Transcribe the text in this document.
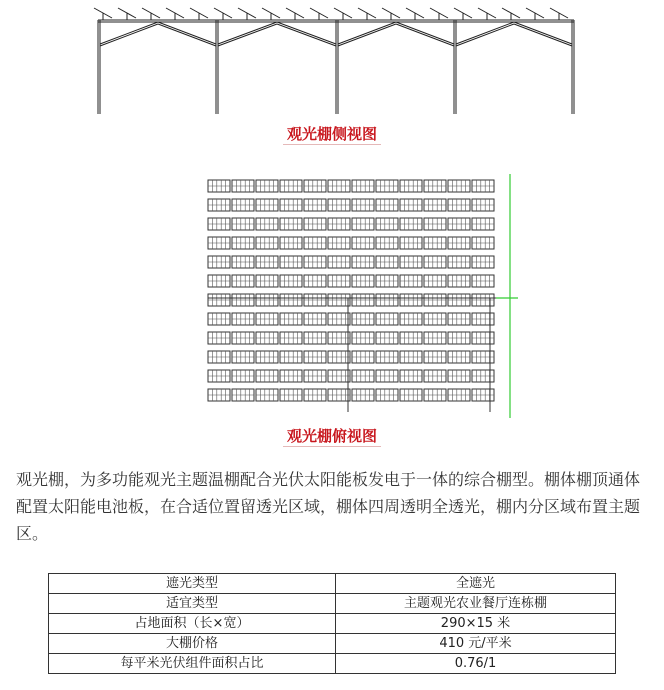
观光棚侧视图
观光棚俯视图
观光棚，为多功能观光主题温棚配合光伏太阳能板发电于一体的综合棚型。棚体棚顶通体配置太阳能电池板，在合适位置留透光区域，棚体四周透明全透光，棚内分区域布置主题区。
遮光类型	全遮光
适宜类型	主题观光农业餐厅连栋棚
占地面积（长×宽）	290×15 米
大棚价格	410 元/平米
每平米光伏组件面积占比	0.76/1
